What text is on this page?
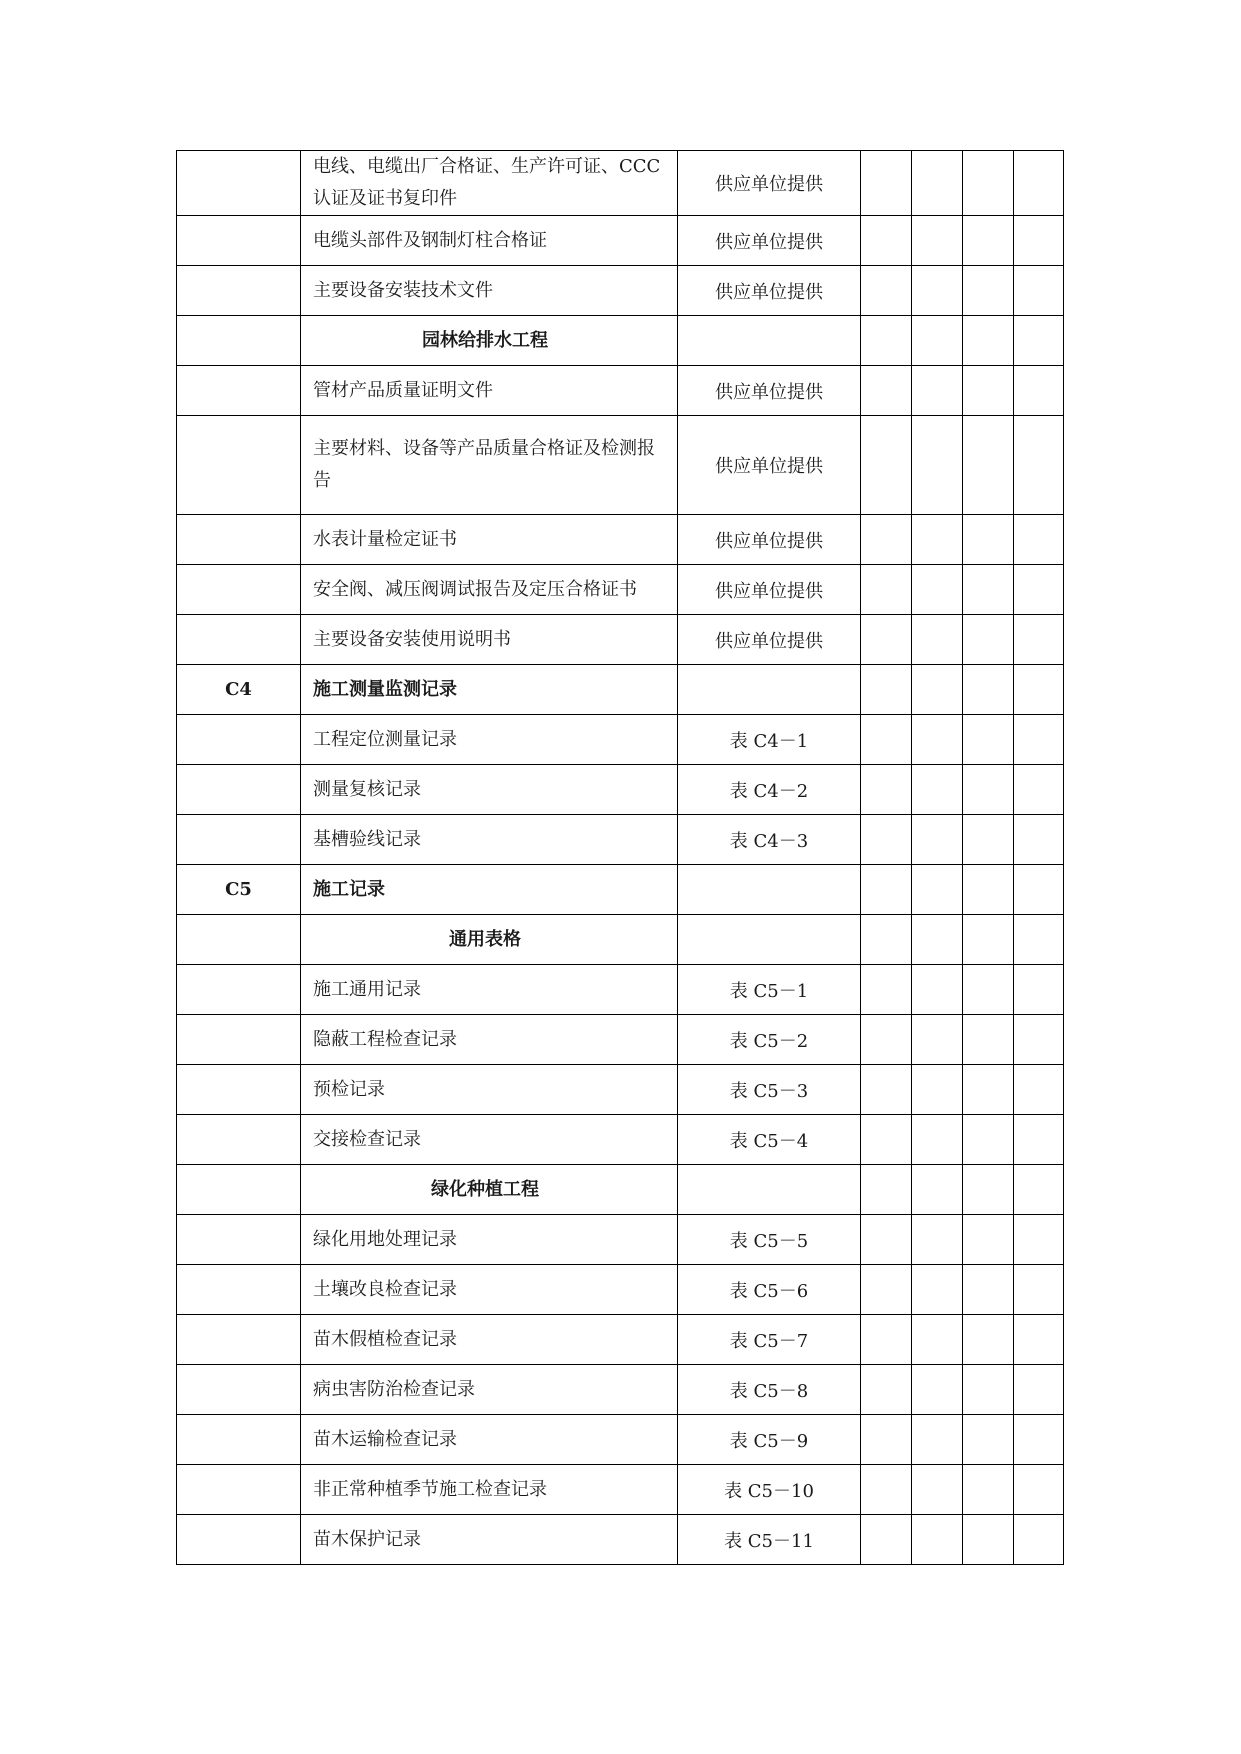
	电线、电缆出厂合格证、生产许可证、CCC认证及证书复印件	供应单位提供				
	电缆头部件及钢制灯柱合格证	供应单位提供				
	主要设备安装技术文件	供应单位提供				
	园林给排水工程					
	管材产品质量证明文件	供应单位提供				
	主要材料、设备等产品质量合格证及检测报告	供应单位提供				
	水表计量检定证书	供应单位提供				
	安全阀、减压阀调试报告及定压合格证书	供应单位提供				
	主要设备安装使用说明书	供应单位提供				
C4	施工测量监测记录					
	工程定位测量记录	表 C4－1				
	测量复核记录	表 C4－2				
	基槽验线记录	表 C4－3				
C5	施工记录					
	通用表格					
	施工通用记录	表 C5－1				
	隐蔽工程检查记录	表 C5－2				
	预检记录	表 C5－3				
	交接检查记录	表 C5－4				
	绿化种植工程					
	绿化用地处理记录	表 C5－5				
	土壤改良检查记录	表 C5－6				
	苗木假植检查记录	表 C5－7				
	病虫害防治检查记录	表 C5－8				
	苗木运输检查记录	表 C5－9				
	非正常种植季节施工检查记录	表 C5－10				
	苗木保护记录	表 C5－11				
